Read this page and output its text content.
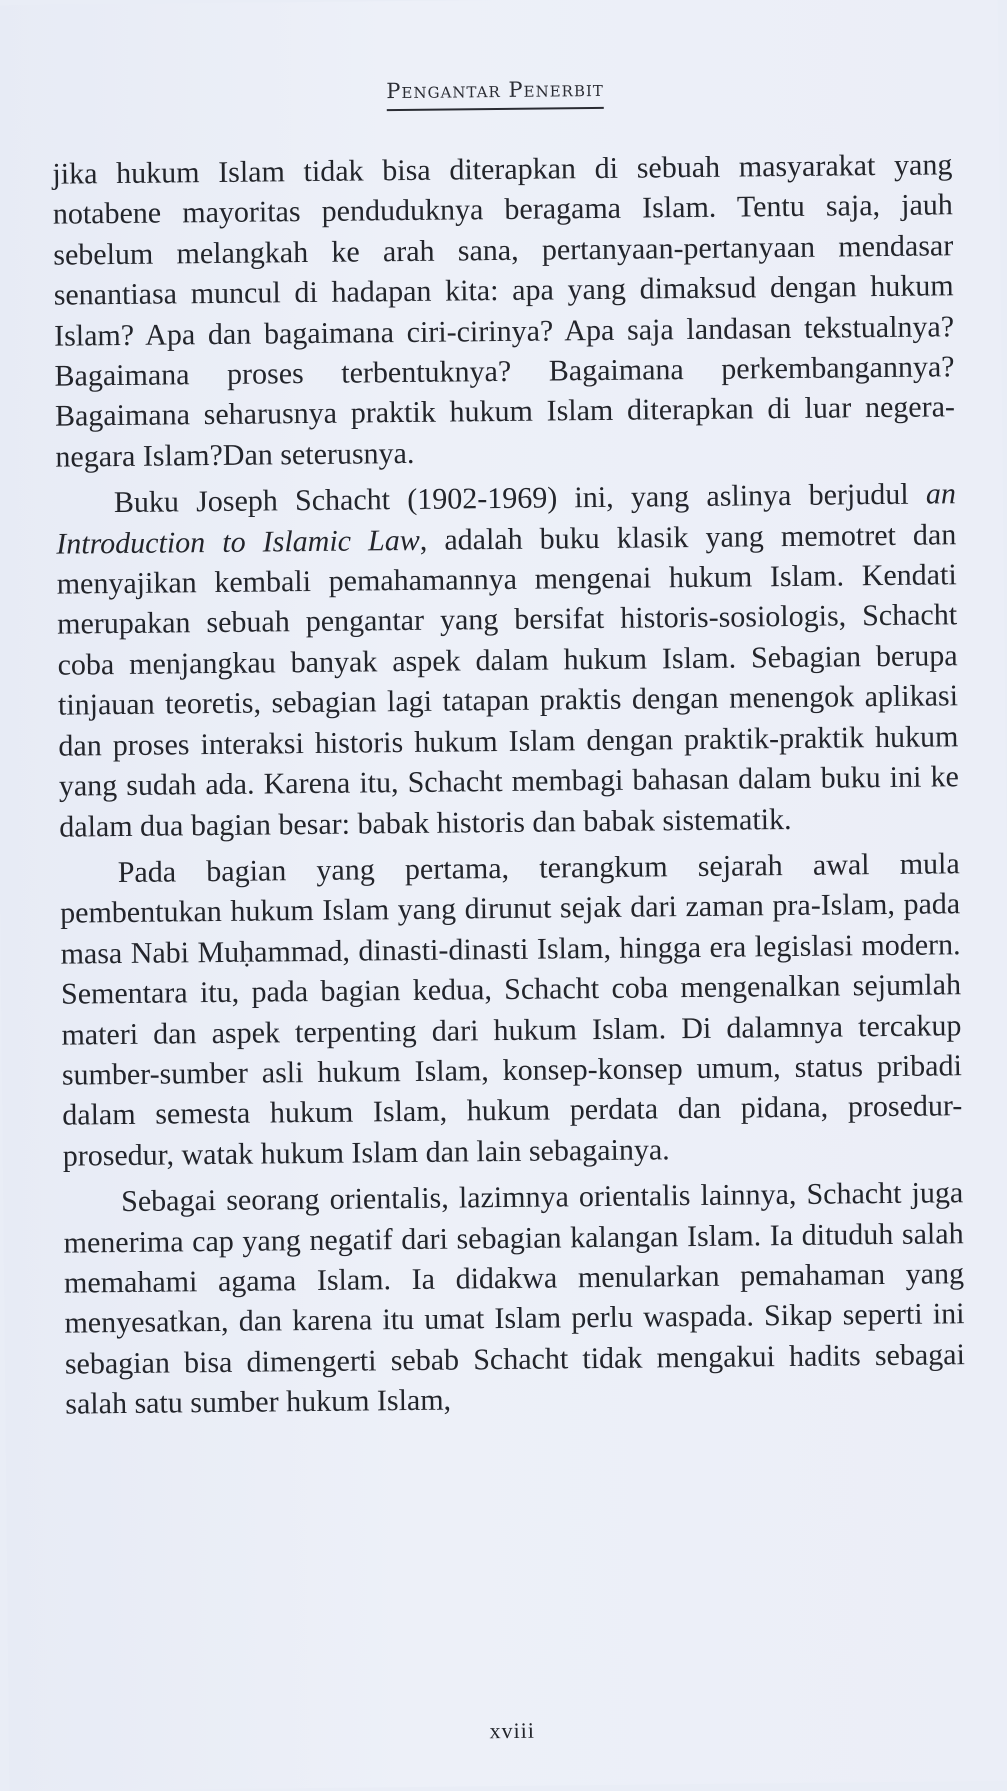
Pengantar Penerbit

jika hukum Islam tidak bisa diterapkan di sebuah masyarakat yang notabene mayoritas penduduknya beragama Islam. Tentu saja, jauh sebelum melangkah ke arah sana, pertanyaan-pertanyaan mendasar senantiasa muncul di hadapan kita: apa yang dimaksud dengan hukum Islam? Apa dan bagaimana ciri-cirinya? Apa saja landasan tekstualnya? Bagaimana proses terbentuknya? Bagaimana perkembangannya? Bagaimana seharusnya praktik hukum Islam diterapkan di luar negera-negara Islam?Dan seterusnya.

Buku Joseph Schacht (1902-1969) ini, yang aslinya berjudul an Introduction to Islamic Law, adalah buku klasik yang memotret dan menyajikan kembali pemahamannya mengenai hukum Islam. Kendati merupakan sebuah pengantar yang bersifat historis-sosiologis, Schacht coba menjangkau banyak aspek dalam hukum Islam. Sebagian berupa tinjauan teoretis, sebagian lagi tatapan praktis dengan menengok aplikasi dan proses interaksi historis hukum Islam dengan praktik-praktik hukum yang sudah ada. Karena itu, Schacht membagi bahasan dalam buku ini ke dalam dua bagian besar: babak historis dan babak sistematik.

Pada bagian yang pertama, terangkum sejarah awal mula pembentukan hukum Islam yang dirunut sejak dari zaman pra-Islam, pada masa Nabi Muḥammad, dinasti-dinasti Islam, hingga era legislasi modern. Sementara itu, pada bagian kedua, Schacht coba mengenalkan sejumlah materi dan aspek terpenting dari hukum Islam. Di dalamnya tercakup sumber-sumber asli hukum Islam, konsep-konsep umum, status pribadi dalam semesta hukum Islam, hukum perdata dan pidana, prosedur-prosedur, watak hukum Islam dan lain sebagainya.

Sebagai seorang orientalis, lazimnya orientalis lainnya, Schacht juga menerima cap yang negatif dari sebagian kalangan Islam. Ia dituduh salah memahami agama Islam. Ia didakwa menularkan pemahaman yang menyesatkan, dan karena itu umat Islam perlu waspada. Sikap seperti ini sebagian bisa dimengerti sebab Schacht tidak mengakui hadits sebagai salah satu sumber hukum Islam,

xviii
